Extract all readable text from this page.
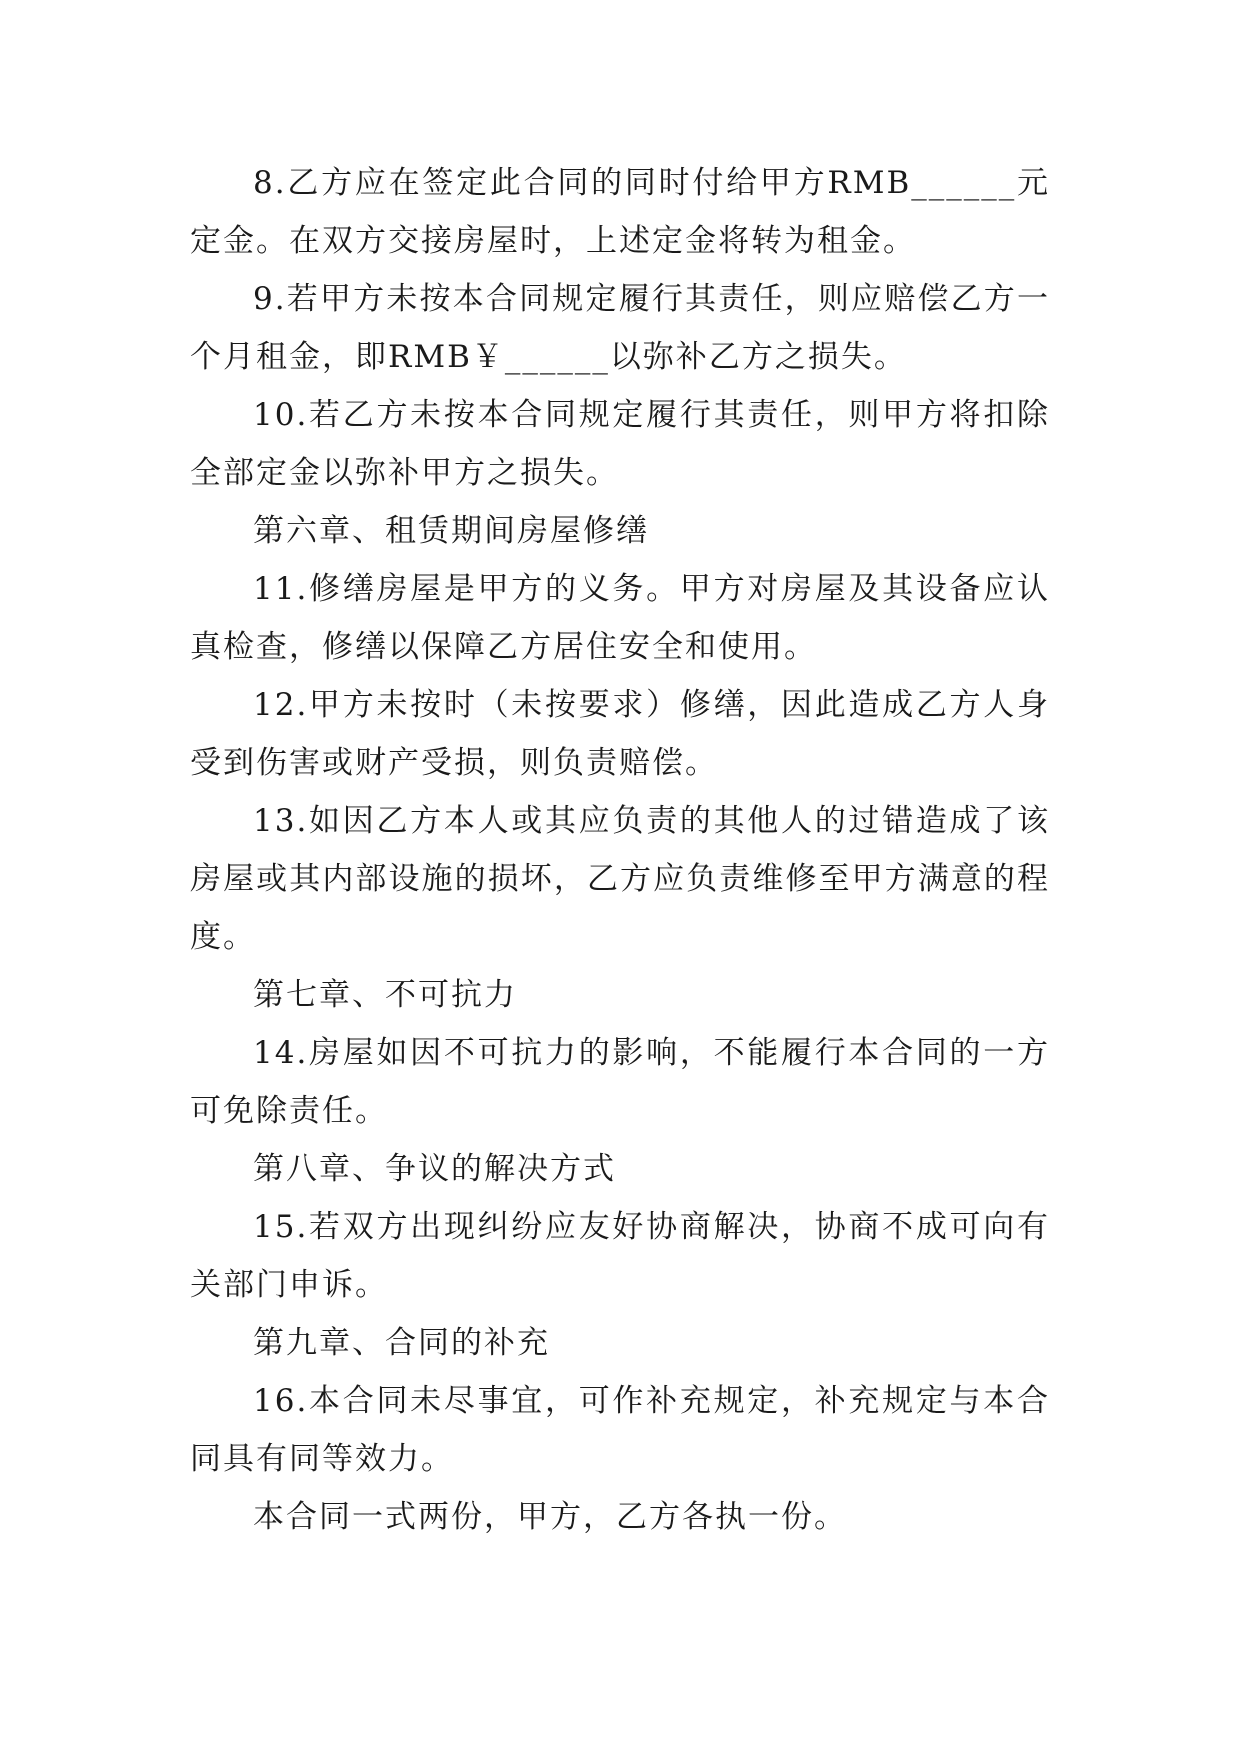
8.乙方应在签定此合同的同时付给甲方RMB______元定金。在双方交接房屋时，上述定金将转为租金。

9.若甲方未按本合同规定履行其责任，则应赔偿乙方一个月租金，即RMB￥______以弥补乙方之损失。

10.若乙方未按本合同规定履行其责任，则甲方将扣除全部定金以弥补甲方之损失。

第六章、租赁期间房屋修缮

11.修缮房屋是甲方的义务。甲方对房屋及其设备应认真检查，修缮以保障乙方居住安全和使用。

12.甲方未按时（未按要求）修缮，因此造成乙方人身受到伤害或财产受损，则负责赔偿。

13.如因乙方本人或其应负责的其他人的过错造成了该房屋或其内部设施的损坏，乙方应负责维修至甲方满意的程度。

第七章、不可抗力

14.房屋如因不可抗力的影响，不能履行本合同的一方可免除责任。

第八章、争议的解决方式

15.若双方出现纠纷应友好协商解决，协商不成可向有关部门申诉。

第九章、合同的补充

16.本合同未尽事宜，可作补充规定，补充规定与本合同具有同等效力。

本合同一式两份，甲方，乙方各执一份。
